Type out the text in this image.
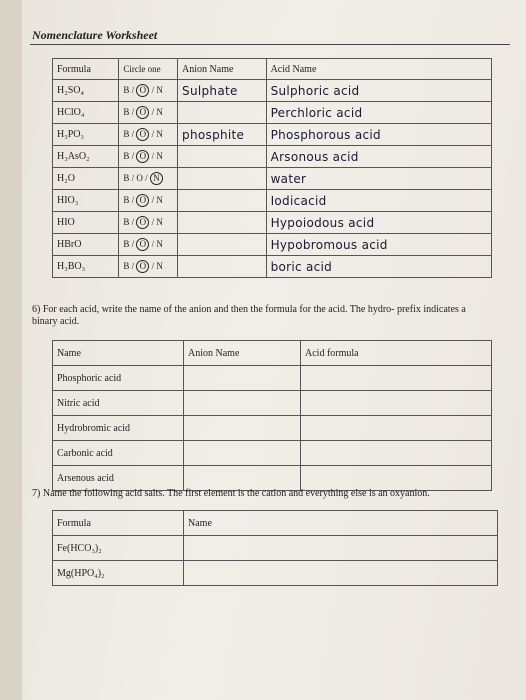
Nomenclature Worksheet
Formula	Circle one	Anion Name	Acid Name
H₂SO₄	B / O / N	Sulphate	Sulphoric acid
HClO₄	B / O / N		Perchloric acid
H₃PO₃	B / O / N	phosphite	Phosphorous acid
H₃AsO₂	B / O / N		Arsonous acid
H₂O	B / O / N		water
HIO₃	B / O / N		Iodicacid
HIO	B / O / N		Hypoiodous acid
HBrO	B / O / N		Hypobromous acid
H₃BO₃	B / O / N		boric acid
6) For each acid, write the name of the anion and then the formula for the acid. The hydro- prefix indicates a binary acid.
Name	Anion Name	Acid formula
Phosphoric acid		
Nitric acid		
Hydrobromic acid		
Carbonic acid		
Arsenous acid		
7) Name the following acid salts. The first element is the cation and everything else is an oxyanion.
Formula	Name
Fe(HCO₃)₂	
Mg(HPO₄)₂	
